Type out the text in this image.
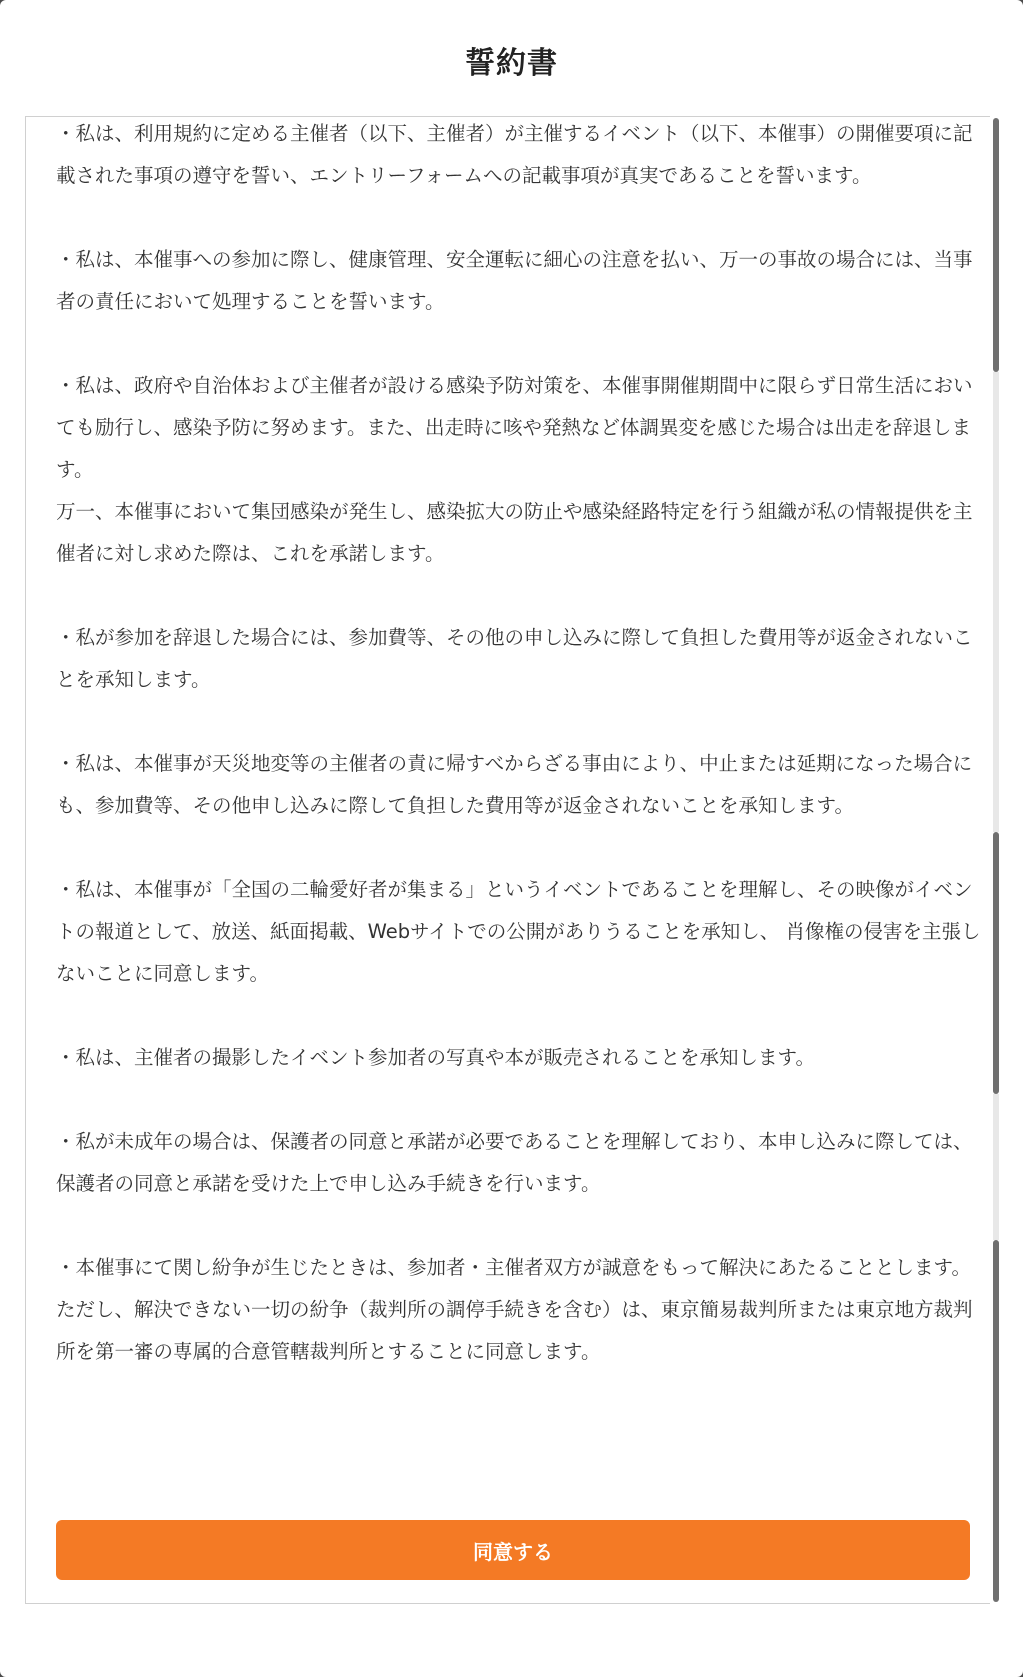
誓約書
・私は、利用規約に定める主催者（以下、主催者）が主催するイベント（以下、本催事）の開催要項に記載された事項の遵守を誓い、エントリーフォームへの記載事項が真実であることを誓います。
・私は、本催事への参加に際し、健康管理、安全運転に細心の注意を払い、万一の事故の場合には、当事者の責任において処理することを誓います。
・私は、政府や自治体および主催者が設ける感染予防対策を、本催事開催期間中に限らず日常生活においても励行し、感染予防に努めます。また、出走時に咳や発熱など体調異変を感じた場合は出走を辞退します。
万一、本催事において集団感染が発生し、感染拡大の防止や感染経路特定を行う組織が私の情報提供を主催者に対し求めた際は、これを承諾します。
・私が参加を辞退した場合には、参加費等、その他の申し込みに際して負担した費用等が返金されないことを承知します。
・私は、本催事が天災地変等の主催者の責に帰すべからざる事由により、中止または延期になった場合にも、参加費等、その他申し込みに際して負担した費用等が返金されないことを承知します。
・私は、本催事が「全国の二輪愛好者が集まる」というイベントであることを理解し、その映像がイベントの報道として、放送、紙面掲載、Webサイトでの公開がありうることを承知し、 肖像権の侵害を主張しないことに同意します。
・私は、主催者の撮影したイベント参加者の写真や本が販売されることを承知します。
・私が未成年の場合は、保護者の同意と承諾が必要であることを理解しており、本申し込みに際しては、保護者の同意と承諾を受けた上で申し込み手続きを行います。
・本催事にて関し紛争が生じたときは、参加者・主催者双方が誠意をもって解決にあたることとします。
ただし、解決できない一切の紛争（裁判所の調停手続きを含む）は、東京簡易裁判所または東京地方裁判所を第一審の専属的合意管轄裁判所とすることに同意します。
同意する
